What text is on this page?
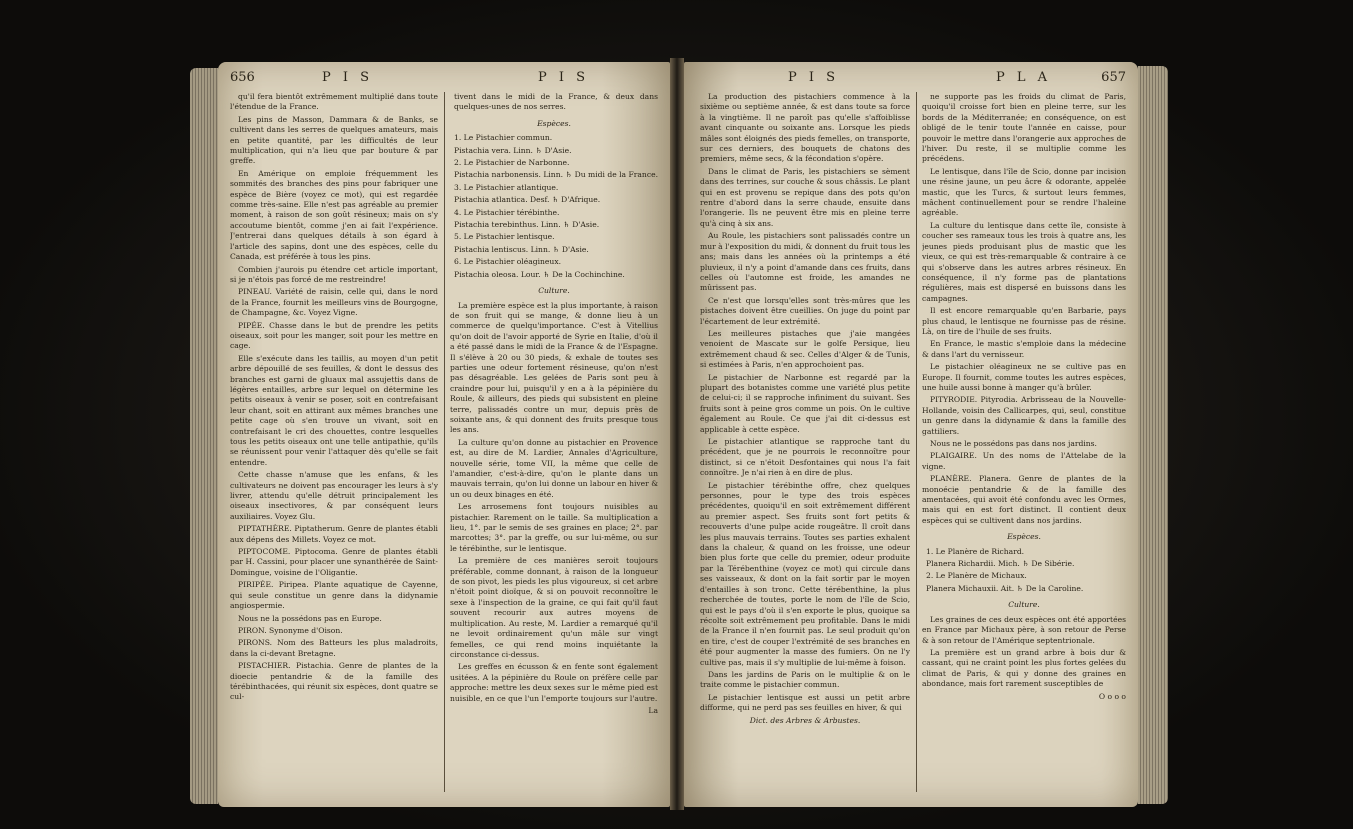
656	P I S	P I S

qu'il fera bientôt extrêmement multiplié dans toute l'étendue de la France.

Les pins de Masson, Dammara & de Banks, se cultivent dans les serres de quelques amateurs, mais en petite quantité, par les difficultés de leur multiplication, qui n'a lieu que par bouture & par greffe.

En Amérique on emploie fréquemment les sommités des branches des pins pour fabriquer une espèce de Bière (voyez ce mot), qui est regardée comme très-saine. Elle n'est pas agréable au premier moment, à raison de son goût résineux; mais on s'y accoutume bientôt, comme j'en ai fait l'expérience. J'entrerai dans quelques détails à son égard à l'article des sapins, dont une des espèces, celle du Canada, est préférée à tous les pins.

Combien j'aurois pu étendre cet article important, si je n'étois pas forcé de me restreindre!

PINEAU. Variété de raisin, celle qui, dans le nord de la France, fournit les meilleurs vins de Bourgogne, de Champagne, &c. Voyez Vigne.

PIPÉE. Chasse dans le but de prendre les petits oiseaux, soit pour les manger, soit pour les mettre en cage.

Elle s'exécute dans les taillis, au moyen d'un petit arbre dépouillé de ses feuilles, & dont le dessus des branches est garni de gluaux mal assujettis dans de légères entailles, arbre sur lequel on détermine les petits oiseaux à venir se poser, soit en contrefaisant leur chant, soit en attirant aux mêmes branches une petite cage où s'en trouve un vivant, soit en contrefaisant le cri des chouettes, contre lesquelles tous les petits oiseaux ont une telle antipathie, qu'ils se réunissent pour venir l'attaquer dès qu'elle se fait entendre.

Cette chasse n'amuse que les enfans, & les cultivateurs ne doivent pas encourager les leurs à s'y livrer, attendu qu'elle détruit principalement les oiseaux insectivores, & par conséquent leurs auxiliaires. Voyez Glu.

PIPTATHÈRE. Piptatherum. Genre de plantes établi aux dépens des Millets. Voyez ce mot.

PIPTOCOME. Piptocoma. Genre de plantes établi par H. Cassini, pour placer une synanthérée de Saint-Domingue, voisine de l'Oligantie.

PIRIPÉE. Piripea. Plante aquatique de Cayenne, qui seule constitue un genre dans la didynamie angiospermie.

Nous ne la possédons pas en Europe.

PIRON. Synonyme d'Oison.

PIRONS. Nom des Batteurs les plus maladroits, dans la ci-devant Bretagne.

PISTACHIER. Pistachia. Genre de plantes de la dioecie pentandrie & de la famille des térébinthacées, qui réunit six espèces, dont quatre se cul-

tivent dans le midi de la France, & deux dans quelques-unes de nos serres.

Espèces.

1. Le Pistachier commun.

Pistachia vera. Linn. ♄ D'Asie.

2. Le Pistachier de Narbonne.

Pistachia narbonensis. Linn. ♄ Du midi de la France.

3. Le Pistachier atlantique.

Pistachia atlantica. Desf. ♄ D'Afrique.

4. Le Pistachier térébinthe.

Pistachia terebinthus. Linn. ♄ D'Asie.

5. Le Pistachier lentisque.

Pistachia lentiscus. Linn. ♄ D'Asie.

6. Le Pistachier oléagineux.

Pistachia oleosa. Lour. ♄ De la Cochinchine.

Culture.

La première espèce est la plus importante, à raison de son fruit qui se mange, & donne lieu à un commerce de quelqu'importance. C'est à Vitellius qu'on doit de l'avoir apporté de Syrie en Italie, d'où il a été passé dans le midi de la France & de l'Espagne. Il s'élève à 20 ou 30 pieds, & exhale de toutes ses parties une odeur fortement résineuse, qu'on n'est pas désagréable. Les gelées de Paris sont peu à craindre pour lui, puisqu'il y en a à la pépinière du Roule, & ailleurs, des pieds qui subsistent en pleine terre, palissadés contre un mur, depuis près de soixante ans, & qui donnent des fruits presque tous les ans.

La culture qu'on donne au pistachier en Provence est, au dire de M. Lardier, Annales d'Agriculture, nouvelle série, tome VII, la même que celle de l'amandier, c'est-à-dire, qu'on le plante dans un mauvais terrain, qu'on lui donne un labour en hiver & un ou deux binages en été.

Les arrosemens font toujours nuisibles au pistachier. Rarement on le taille. Sa multiplication a lieu, 1°. par le semis de ses graines en place; 2°. par marcottes; 3°. par la greffe, ou sur lui-même, ou sur le térébinthe, sur le lentisque.

La première de ces manières seroit toujours préférable, comme donnant, à raison de la longueur de son pivot, les pieds les plus vigoureux, si cet arbre n'étoit point dioïque, & si on pouvoit reconnoître le sexe à l'inspection de la graine, ce qui fait qu'il faut souvent recourir aux autres moyens de multiplication. Au reste, M. Lardier a remarqué qu'il ne levoit ordinairement qu'un mâle sur vingt femelles, ce qui rend moins inquiétante la circonstance ci-dessus.

Les greffes en écusson & en fente sont également usitées. A la pépinière du Roule on préfère celle par approche: mettre les deux sexes sur le même pied est nuisible, en ce que l'un l'emporte toujours sur l'autre.

La

P I S	P L A	657

La production des pistachiers commence à la sixième ou septième année, & est dans toute sa force à la vingtième. Il ne paroît pas qu'elle s'affoiblisse avant cinquante ou soixante ans. Lorsque les pieds mâles sont éloignés des pieds femelles, on transporte, sur ces derniers, des bouquets de chatons des premiers, même secs, & la fécondation s'opère.

Dans le climat de Paris, les pistachiers se sèment dans des terrines, sur couche & sous châssis. Le plant qui en est provenu se repique dans des pots qu'on rentre d'abord dans la serre chaude, ensuite dans l'orangerie. Ils ne peuvent être mis en pleine terre qu'à cinq à six ans.

Au Roule, les pistachiers sont palissadés contre un mur à l'exposition du midi, & donnent du fruit tous les ans; mais dans les années où la printemps a été pluvieux, il n'y a point d'amande dans ces fruits, dans celles où l'automne est froide, les amandes ne mûrissent pas.

Ce n'est que lorsqu'elles sont très-mûres que les pistaches doivent être cueillies. On juge du point par l'écartement de leur extrémité.

Les meilleures pistaches que j'aie mangées venoient de Mascate sur le golfe Persique, lieu extrêmement chaud & sec. Celles d'Alger & de Tunis, si estimées à Paris, n'en approchoient pas.

Le pistachier de Narbonne est regardé par la plupart des botanistes comme une variété plus petite de celui-ci; il se rapproche infiniment du suivant. Ses fruits sont à peine gros comme un pois. On le cultive également au Roule. Ce que j'ai dit ci-dessus est applicable à cette espèce.

Le pistachier atlantique se rapproche tant du précédent, que je ne pourrois le reconnoître pour distinct, si ce n'étoit Desfontaines qui nous l'a fait connoître. Je n'ai rien à en dire de plus.

Le pistachier térébinthe offre, chez quelques personnes, pour le type des trois espèces précédentes, quoiqu'il en soit extrêmement différent au premier aspect. Ses fruits sont fort petits & recouverts d'une pulpe acide rougeâtre. Il croît dans les plus mauvais terrains. Toutes ses parties exhalent dans la chaleur, & quand on les froisse, une odeur bien plus forte que celle du premier, odeur produite par la Térébenthine (voyez ce mot) qui circule dans ses vaisseaux, & dont on la fait sortir par le moyen d'entailles à son tronc. Cette térébenthine, la plus recherchée de toutes, porte le nom de l'île de Scio, qui est le pays d'où il s'en exporte le plus, quoique sa récolte soit extrêmement peu profitable. Dans le midi de la France il n'en fournit pas. Le seul produit qu'on en tire, c'est de couper l'extrémité de ses branches en été pour augmenter la masse des fumiers. On ne l'y cultive pas, mais il s'y multiplie de lui-même à foison.

Dans les jardins de Paris on le multiplie & on le traite comme le pistachier commun.

Le pistachier lentisque est aussi un petit arbre difforme, qui ne perd pas ses feuilles en hiver, & qui

Dict. des Arbres & Arbustes.

ne supporte pas les froids du climat de Paris, quoiqu'il croisse fort bien en pleine terre, sur les bords de la Méditerranée; en conséquence, on est obligé de le tenir toute l'année en caisse, pour pouvoir le mettre dans l'orangerie aux approches de l'hiver. Du reste, il se multiplie comme les précédens.

Le lentisque, dans l'île de Scio, donne par incision une résine jaune, un peu âcre & odorante, appelée mastic, que les Turcs, & surtout leurs femmes, mâchent continuellement pour se rendre l'haleine agréable.

La culture du lentisque dans cette île, consiste à coucher ses rameaux tous les trois à quatre ans, les jeunes pieds produisant plus de mastic que les vieux, ce qui est très-remarquable & contraire à ce qui s'observe dans les autres arbres résineux. En conséquence, il n'y forme pas de plantations régulières, mais est dispersé en buissons dans les campagnes.

Il est encore remarquable qu'en Barbarie, pays plus chaud, le lentisque ne fournisse pas de résine. Là, on tire de l'huile de ses fruits.

En France, le mastic s'emploie dans la médecine & dans l'art du vernisseur.

Le pistachier oléagineux ne se cultive pas en Europe. Il fournit, comme toutes les autres espèces, une huile aussi bonne à manger qu'à brûler.

PITYRODIE. Pityrodia. Arbrisseau de la Nouvelle-Hollande, voisin des Callicarpes, qui, seul, constitue un genre dans la didynamie & dans la famille des gattiliers.

Nous ne le possédons pas dans nos jardins.

PLAIGAIRE. Un des noms de l'Attelabe de la vigne.

PLANÈRE. Planera. Genre de plantes de la monoécie pentandrie & de la famille des amentacées, qui avoit été confondu avec les Ormes, mais qui en est fort distinct. Il contient deux espèces qui se cultivent dans nos jardins.

Espèces.

1. Le Planère de Richard.

Planera Richardii. Mich. ♄ De Sibérie.

2. Le Planère de Michaux.

Planera Michauxii. Ait. ♄ De la Caroline.

Culture.

Les graines de ces deux espèces ont été apportées en France par Michaux père, à son retour de Perse & à son retour de l'Amérique septentrionale.

La première est un grand arbre à bois dur & cassant, qui ne craint point les plus fortes gelées du climat de Paris, & qui y donne des graines en abondance, mais fort rarement susceptibles de

O o o o
